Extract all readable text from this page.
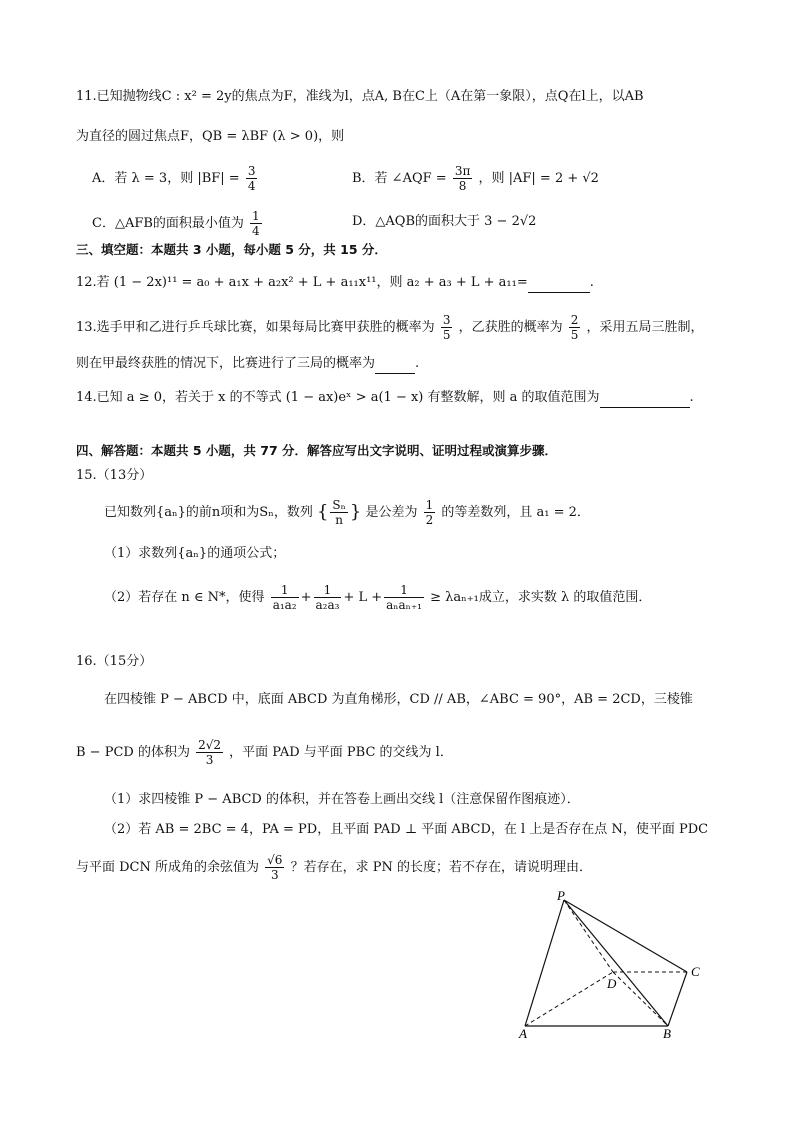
11.已知抛物线C : x² = 2y的焦点为F，准线为l，点A, B在C上（A在第一象限），点Q在l上，以AB
为直径的圆过焦点F，QB = λBF (λ > 0)，则
A．若 λ = 3，则 $|BF| = \frac{3}{4}$	B．若 ∠AQF = $\frac{3\pi}{8}$ ，则 |AF| = 2 + √2
C．△AFB的面积最小值为 $\frac{1}{4}$	D．△AQB的面积大于 3 − 2√2
三、填空题：本题共 3 小题，每小题 5 分，共 15 分．
12.若 (1 − 2x)¹¹ = a₀ + a₁x + a₂x² + L + a₁₁x¹¹，则 a₂ + a₃ + L + a₁₁=	.
13.选手甲和乙进行乒乓球比赛，如果每局比赛甲获胜的概率为 $\frac{3}{5}$ ，乙获胜的概率为 $\frac{2}{5}$ ，采用五局三胜制，
则在甲最终获胜的情况下，比赛进行了三局的概率为	.
14.已知 a ≥ 0，若关于 x 的不等式 (1 − ax)eˣ > a(1 − x) 有整数解，则 a 的取值范围为	.
四、解答题：本题共 5 小题，共 77 分．解答应写出文字说明、证明过程或演算步骤．
15.（13分）
已知数列{aₙ}的前n项和为Sₙ，数列 { $\frac{\text{Sₙ}}{n}$ } 是公差为 $\frac{1}{2}$ 的等差数列，且 a₁ = 2．
（1）求数列{aₙ}的通项公式；
（2）若存在 n ∈ N*，使得 $\frac{1}{\text{a₁a₂}} + \frac{1}{\text{a₂a₃}} + L + \frac{1}{\text{aₙaₙ₊₁}} \ge \lambda a_{n+1}$成立，求实数 λ 的取值范围．
16.（15分）
在四棱锥 P − ABCD 中，底面 ABCD 为直角梯形，CD // AB，∠ABC = 90°，AB = 2CD，三棱锥
B − PCD 的体积为 $\frac{2√2}{3}$ ，平面 PAD 与平面 PBC 的交线为 l．
（1）求四棱锥 P − ABCD 的体积，并在答卷上画出交线 l（注意保留作图痕迹）．
（2）若 AB = 2BC = 4，PA = PD，且平面 PAD ⊥ 平面 ABCD，在 l 上是否存在点 N，使平面 PDC
与平面 DCN 所成角的余弦值为 $\frac{√6}{3}$ ？若存在，求 PN 的长度；若不存在，请说明理由．
P
A	B
C
D
